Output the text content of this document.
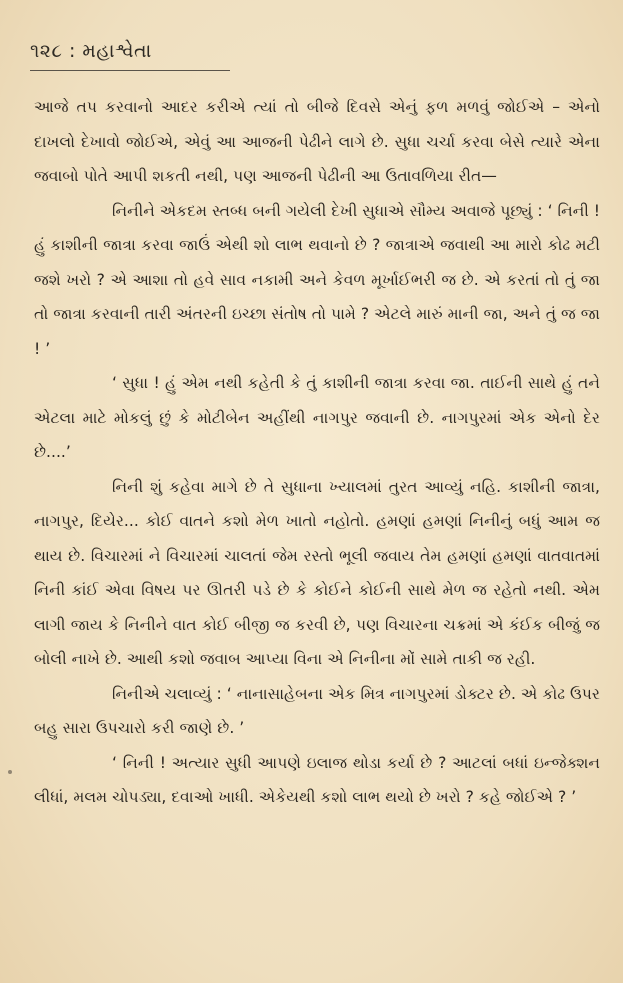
૧૨૮ : મહાશ્વેતા

આજે તપ કરવાનો આદર કરીએ ત્યાં તો બીજે દિવસે એનું ફળ મળવું જોઈએ – એનો દાખલો દેખાવો જોઈએ, એવું આ આજની પેઢીને લાગે છે. સુધા ચર્ચા કરવા બેસે ત્યારે એના જવાબો પોતે આપી શકતી નથી, પણ આજની પેઢીની આ ઉતાવળિયા રીત—

નિનીને એકદમ સ્તબ્ધ બની ગયેલી દેખી સુધાએ સૌમ્ય અવાજે પૂછ્યું : ‘ નિની ! હું કાશીની જાત્રા કરવા જાઉં એથી શો લાભ થવાનો છે ? જાત્રાએ જવાથી આ મારો કોઢ મટી જશે ખરો ? એ આશા તો હવે સાવ નકામી અને કેવળ મૂર્ખાઈભરી જ છે. એ કરતાં તો તું જા તો જાત્રા કરવાની તારી અંતરની ઇચ્છા સંતોષ તો પામે ? એટલે મારું માની જા, અને તું જ જા ! ’

‘ સુધા ! હું એમ નથી કહેતી કે તું કાશીની જાત્રા કરવા જા. તાઈની સાથે હું તને એટલા માટે મોકલું છું કે મોટીબેન અહીંથી નાગપુર જવાની છે. નાગપુરમાં એક એનો દેર છે....’

નિની શું કહેવા માગે છે તે સુધાના ખ્યાલમાં તુરત આવ્યું નહિ. કાશીની જાત્રા, નાગપુર, દિયેર... કોઈ વાતને કશો મેળ ખાતો નહોતો. હમણાં હમણાં નિનીનું બધું આમ જ થાય છે. વિચારમાં ને વિચારમાં ચાલતાં જેમ રસ્તો ભૂલી જવાય તેમ હમણાં હમણાં વાતવાતમાં નિની કાંઈ એવા વિષય પર ઊતરી પડે છે કે કોઈને કોઈની સાથે મેળ જ રહેતો નથી. એમ લાગી જાય કે નિનીને વાત કોઈ બીજી જ કરવી છે, પણ વિચારના ચક્રમાં એ કંઈક બીજું જ બોલી નાખે છે. આથી કશો જવાબ આપ્યા વિના એ નિનીના મોં સામે તાકી જ રહી.

નિનીએ ચલાવ્યું : ‘ નાનાસાહેબના એક મિત્ર નાગપુરમાં ડોક્ટર છે. એ કોઢ ઉપર બહુ સારા ઉપચારો કરી જાણે છે. ’

‘ નિની ! અત્યાર સુધી આપણે ઇલાજ થોડા કર્યા છે ? આટલાં બધાં ઇન્જેક્શન લીધાં, મલમ ચોપડ્યા, દવાઓ ખાધી. એકેયથી કશો લાભ થયો છે ખરો ? કહે જોઈએ ? ’
